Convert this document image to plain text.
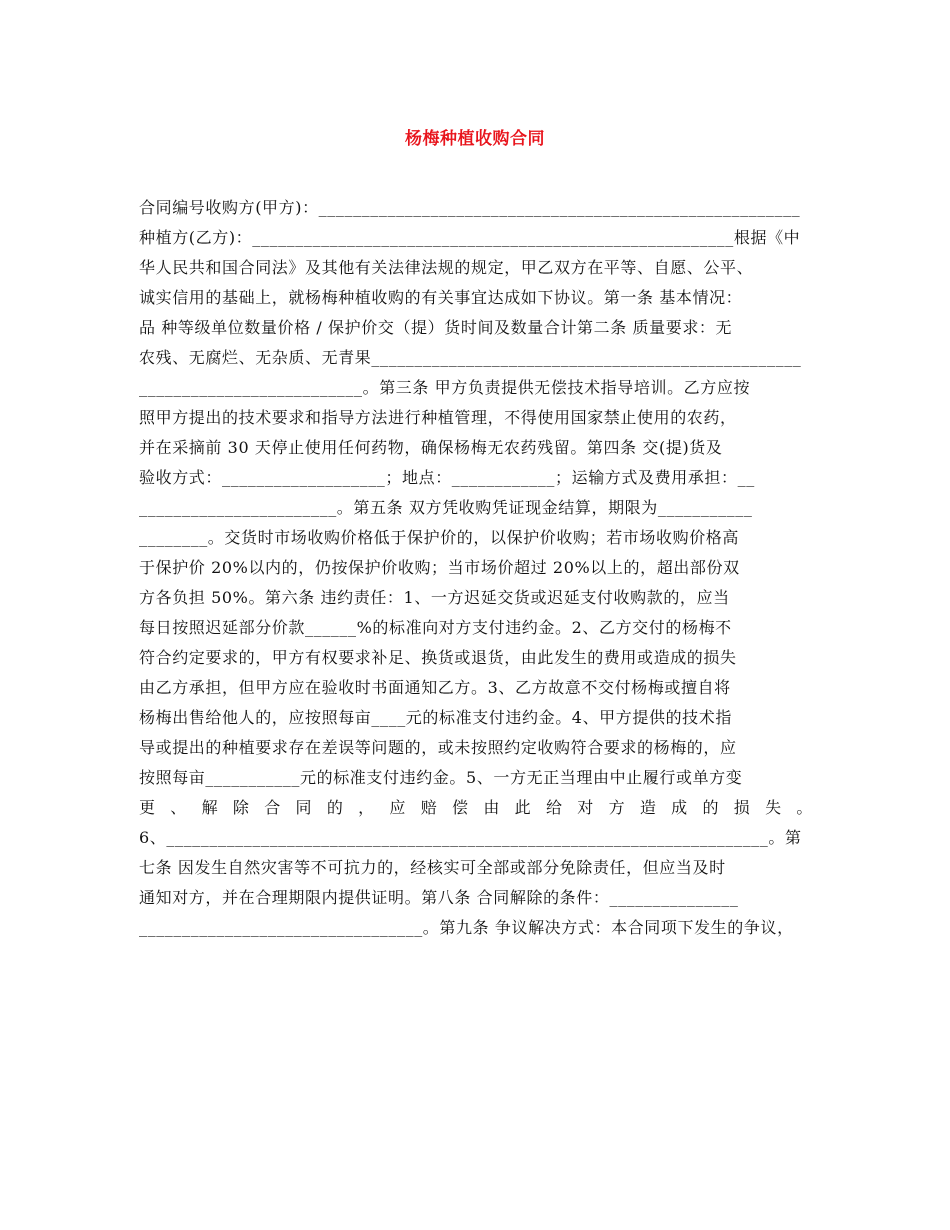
杨梅种植收购合同
合同编号收购方(甲方)：________________________________________________________
种植方(乙方)：________________________________________________________根据《中
华人民共和国合同法》及其他有关法律法规的规定，甲乙双方在平等、自愿、公平、
诚实信用的基础上，就杨梅种植收购的有关事宜达成如下协议。第一条 基本情况：
品 种等级单位数量价格 / 保护价交（提）货时间及数量合计第二条 质量要求：无
农残、无腐烂、无杂质、无青果__________________________________________________
__________________________。第三条 甲方负责提供无偿技术指导培训。乙方应按
照甲方提出的技术要求和指导方法进行种植管理，不得使用国家禁止使用的农药，
并在采摘前 30 天停止使用任何药物，确保杨梅无农药残留。第四条 交(提)货及
验收方式：___________________；地点：____________；运输方式及费用承担：__
_______________________。第五条 双方凭收购凭证现金结算，期限为___________
________。交货时市场收购价格低于保护价的，以保护价收购；若市场收购价格高
于保护价 20%以内的，仍按保护价收购；当市场价超过 20%以上的，超出部份双
方各负担 50%。第六条 违约责任：1、一方迟延交货或迟延支付收购款的，应当
每日按照迟延部分价款______%的标准向对方支付违约金。2、乙方交付的杨梅不
符合约定要求的，甲方有权要求补足、换货或退货，由此发生的费用或造成的损失
由乙方承担，但甲方应在验收时书面通知乙方。3、乙方故意不交付杨梅或擅自将
杨梅出售给他人的，应按照每亩____元的标准支付违约金。4、甲方提供的技术指
导或提出的种植要求存在差误等问题的，或未按照约定收购符合要求的杨梅的，应
按照每亩___________元的标准支付违约金。5、一方无正当理由中止履行或单方变
更 、 解 除 合 同 的 ， 应 赔 偿 由 此 给 对 方 造 成 的 损 失 。
6、______________________________________________________________________。第
七条 因发生自然灾害等不可抗力的，经核实可全部或部分免除责任，但应当及时
通知对方，并在合理期限内提供证明。第八条 合同解除的条件：_______________
_________________________________。第九条 争议解决方式：本合同项下发生的争议，
